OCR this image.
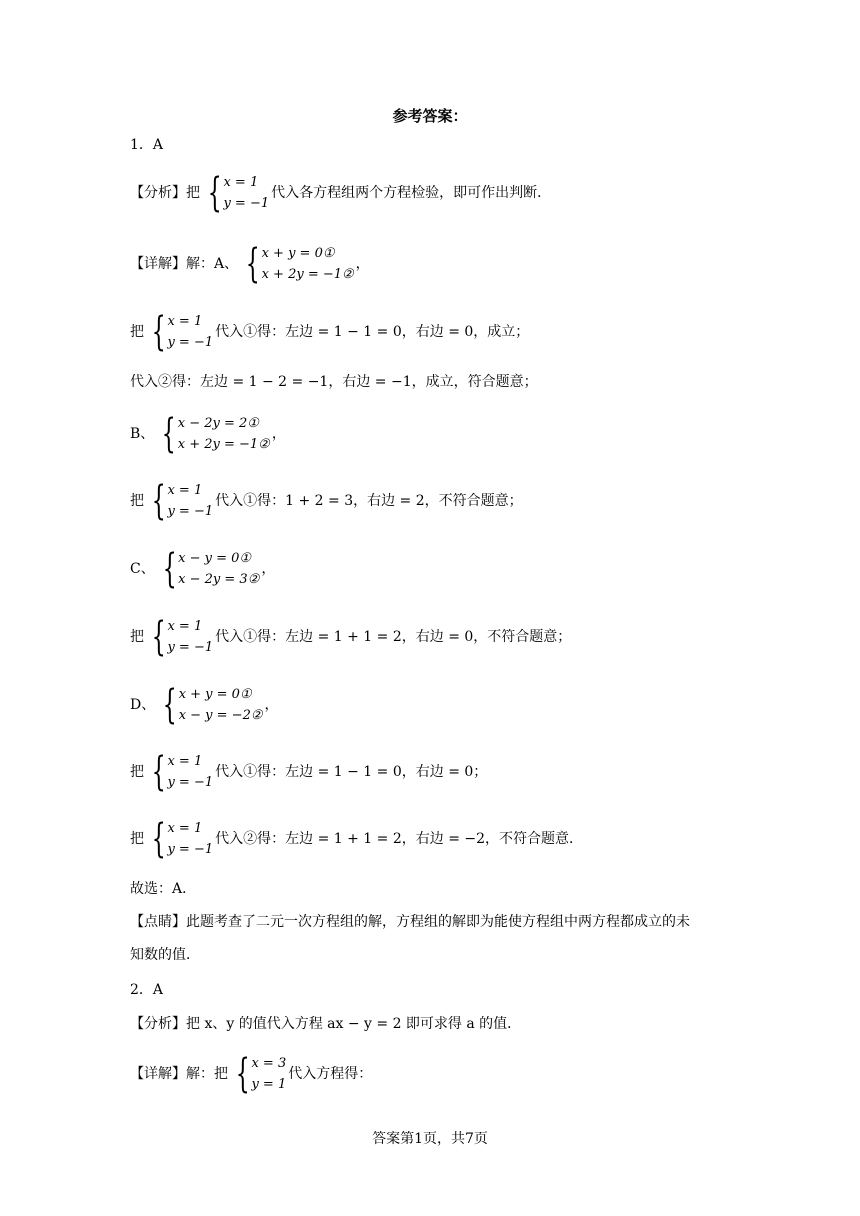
参考答案：
1．A
【分析】把 { x = 1
y = −1
代入各方程组两个方程检验，即可作出判断．
【详解】解：A、 { x + y = 0①
x + 2y = −1②
，
把 { x = 1
y = −1
代入①得：左边 = 1 − 1 = 0，右边 = 0，成立；
代入②得：左边 = 1 − 2 = −1，右边 = −1，成立，符合题意；
B、 { x − 2y = 2①
x + 2y = −1②
，
把 { x = 1
y = −1
代入①得：1 + 2 = 3，右边 = 2，不符合题意；
C、 { x − y = 0①
x − 2y = 3②
，
把 { x = 1
y = −1
代入①得：左边 = 1 + 1 = 2，右边 = 0，不符合题意；
D、 { x + y = 0①
x − y = −2②
，
把 { x = 1
y = −1
代入①得：左边 = 1 − 1 = 0，右边 = 0；
把 { x = 1
y = −1
代入②得：左边 = 1 + 1 = 2，右边 = −2，不符合题意．
故选：A．
【点睛】此题考查了二元一次方程组的解，方程组的解即为能使方程组中两方程都成立的未
知数的值．
2．A
【分析】把 x、y 的值代入方程 ax − y = 2 即可求得 a 的值．
【详解】解：把 { x = 3
y = 1
代入方程得：
答案第1页，共7页
